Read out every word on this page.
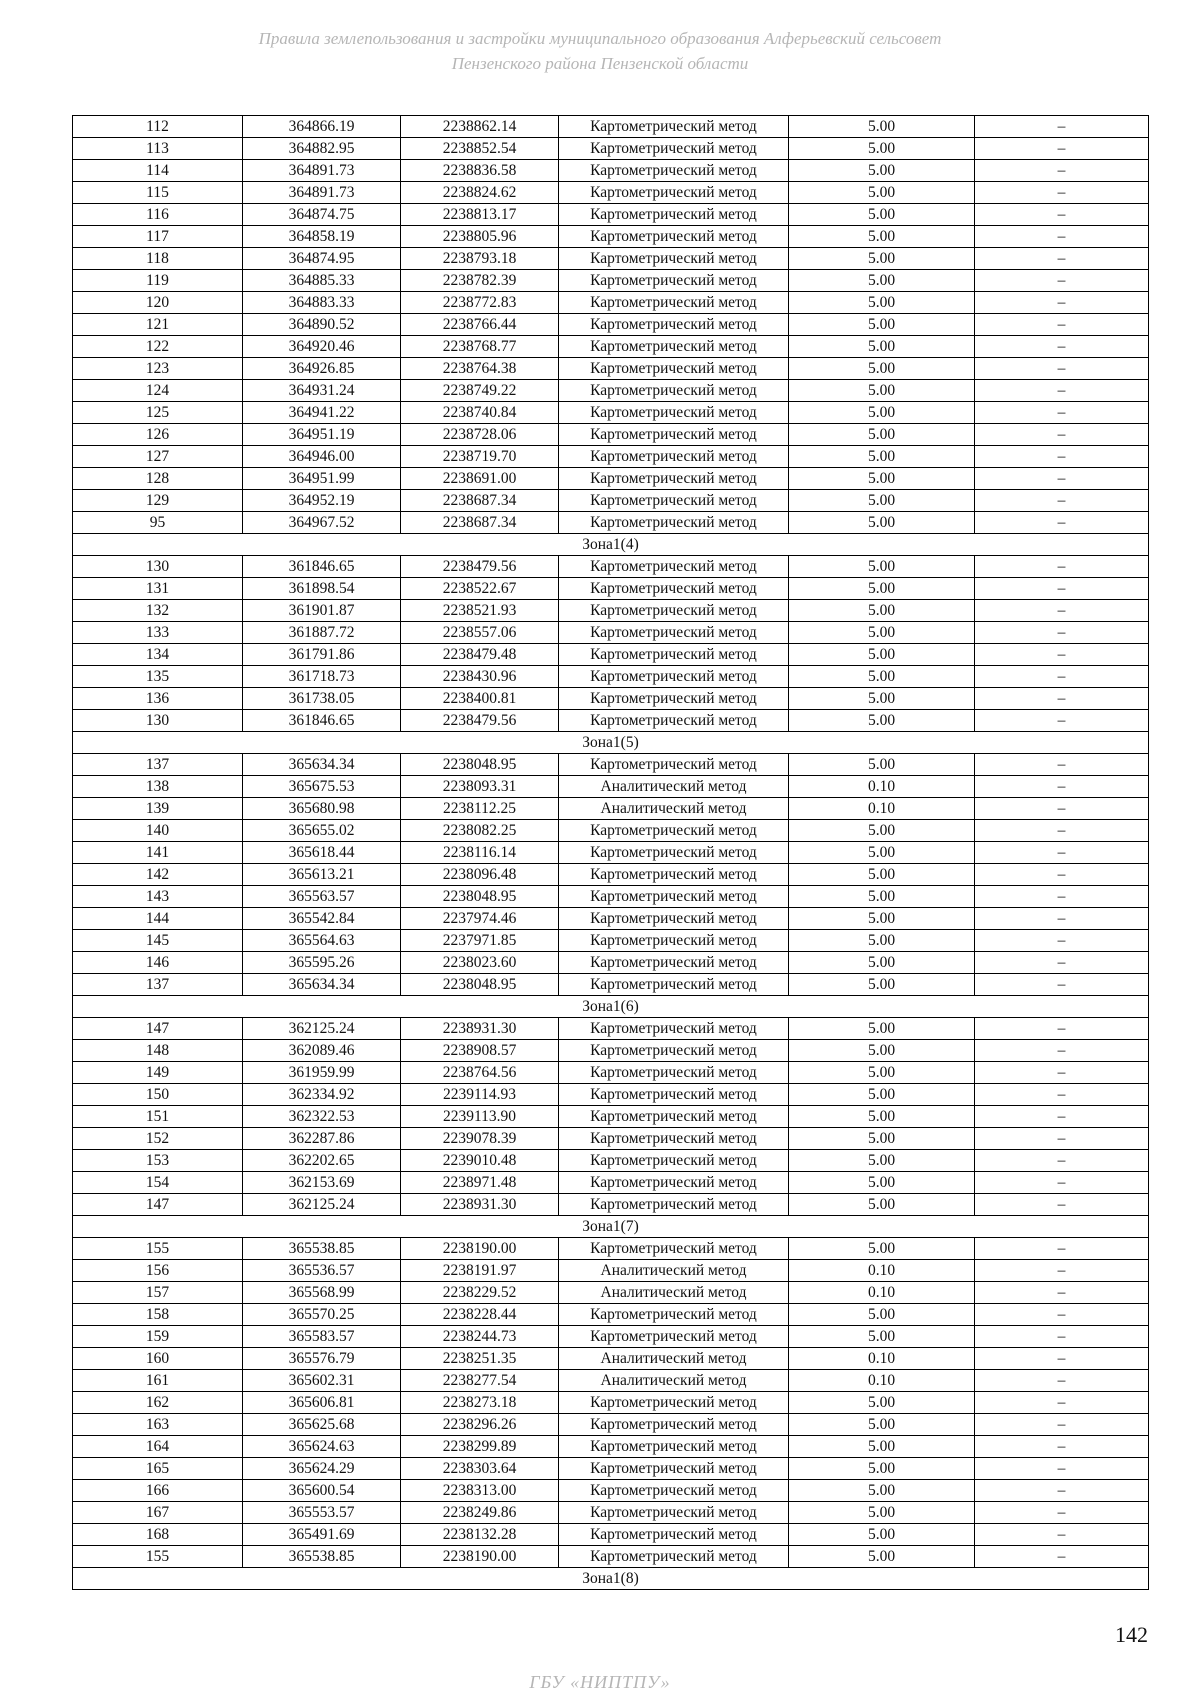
Правила землепользования и застройки муниципального образования Алферьевский сельсовет
Пензенского района Пензенской области
112	364866.19	2238862.14	Картометрический метод	5.00	–
113	364882.95	2238852.54	Картометрический метод	5.00	–
114	364891.73	2238836.58	Картометрический метод	5.00	–
115	364891.73	2238824.62	Картометрический метод	5.00	–
116	364874.75	2238813.17	Картометрический метод	5.00	–
117	364858.19	2238805.96	Картометрический метод	5.00	–
118	364874.95	2238793.18	Картометрический метод	5.00	–
119	364885.33	2238782.39	Картометрический метод	5.00	–
120	364883.33	2238772.83	Картометрический метод	5.00	–
121	364890.52	2238766.44	Картометрический метод	5.00	–
122	364920.46	2238768.77	Картометрический метод	5.00	–
123	364926.85	2238764.38	Картометрический метод	5.00	–
124	364931.24	2238749.22	Картометрический метод	5.00	–
125	364941.22	2238740.84	Картометрический метод	5.00	–
126	364951.19	2238728.06	Картометрический метод	5.00	–
127	364946.00	2238719.70	Картометрический метод	5.00	–
128	364951.99	2238691.00	Картометрический метод	5.00	–
129	364952.19	2238687.34	Картометрический метод	5.00	–
95	364967.52	2238687.34	Картометрический метод	5.00	–
Зона1(4)					
130	361846.65	2238479.56	Картометрический метод	5.00	–
131	361898.54	2238522.67	Картометрический метод	5.00	–
132	361901.87	2238521.93	Картометрический метод	5.00	–
133	361887.72	2238557.06	Картометрический метод	5.00	–
134	361791.86	2238479.48	Картометрический метод	5.00	–
135	361718.73	2238430.96	Картометрический метод	5.00	–
136	361738.05	2238400.81	Картометрический метод	5.00	–
130	361846.65	2238479.56	Картометрический метод	5.00	–
Зона1(5)					
137	365634.34	2238048.95	Картометрический метод	5.00	–
138	365675.53	2238093.31	Аналитический метод	0.10	–
139	365680.98	2238112.25	Аналитический метод	0.10	–
140	365655.02	2238082.25	Картометрический метод	5.00	–
141	365618.44	2238116.14	Картометрический метод	5.00	–
142	365613.21	2238096.48	Картометрический метод	5.00	–
143	365563.57	2238048.95	Картометрический метод	5.00	–
144	365542.84	2237974.46	Картометрический метод	5.00	–
145	365564.63	2237971.85	Картометрический метод	5.00	–
146	365595.26	2238023.60	Картометрический метод	5.00	–
137	365634.34	2238048.95	Картометрический метод	5.00	–
Зона1(6)					
147	362125.24	2238931.30	Картометрический метод	5.00	–
148	362089.46	2238908.57	Картометрический метод	5.00	–
149	361959.99	2238764.56	Картометрический метод	5.00	–
150	362334.92	2239114.93	Картометрический метод	5.00	–
151	362322.53	2239113.90	Картометрический метод	5.00	–
152	362287.86	2239078.39	Картометрический метод	5.00	–
153	362202.65	2239010.48	Картометрический метод	5.00	–
154	362153.69	2238971.48	Картометрический метод	5.00	–
147	362125.24	2238931.30	Картометрический метод	5.00	–
Зона1(7)					
155	365538.85	2238190.00	Картометрический метод	5.00	–
156	365536.57	2238191.97	Аналитический метод	0.10	–
157	365568.99	2238229.52	Аналитический метод	0.10	–
158	365570.25	2238228.44	Картометрический метод	5.00	–
159	365583.57	2238244.73	Картометрический метод	5.00	–
160	365576.79	2238251.35	Аналитический метод	0.10	–
161	365602.31	2238277.54	Аналитический метод	0.10	–
162	365606.81	2238273.18	Картометрический метод	5.00	–
163	365625.68	2238296.26	Картометрический метод	5.00	–
164	365624.63	2238299.89	Картометрический метод	5.00	–
165	365624.29	2238303.64	Картометрический метод	5.00	–
166	365600.54	2238313.00	Картометрический метод	5.00	–
167	365553.57	2238249.86	Картометрический метод	5.00	–
168	365491.69	2238132.28	Картометрический метод	5.00	–
155	365538.85	2238190.00	Картометрический метод	5.00	–
Зона1(8)					
142
ГБУ «НИПТПУ»
